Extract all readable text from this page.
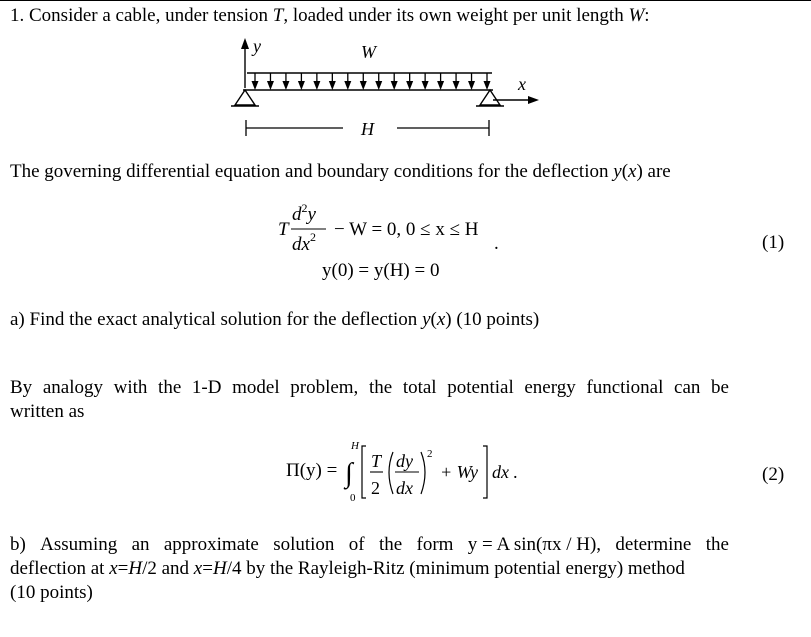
1. Consider a cable, under tension T, loaded under its own weight per unit length W:
y	W
x
H
The governing differential equation and boundary conditions for the deflection y(x) are
T
$d^2y$
$dx^2 - W = 0$, 0 ≤ x ≤ H
.
y(0) = y(H) = 0
(1)
a) Find the exact analytical solution for the deflection y(x) (10 points)
By analogy with the 1-D model problem, the total potential energy functional can be
written as
Π(y) =
H
∫
0
T
2
dy
dx
2
+ Wy dx .	(2)
b) Assuming an approximate solution of the form y = A sin(πx / H), determine the
deflection at x=H/2 and x=H/4 by the Rayleigh-Ritz (minimum potential energy) method
(10 points)
